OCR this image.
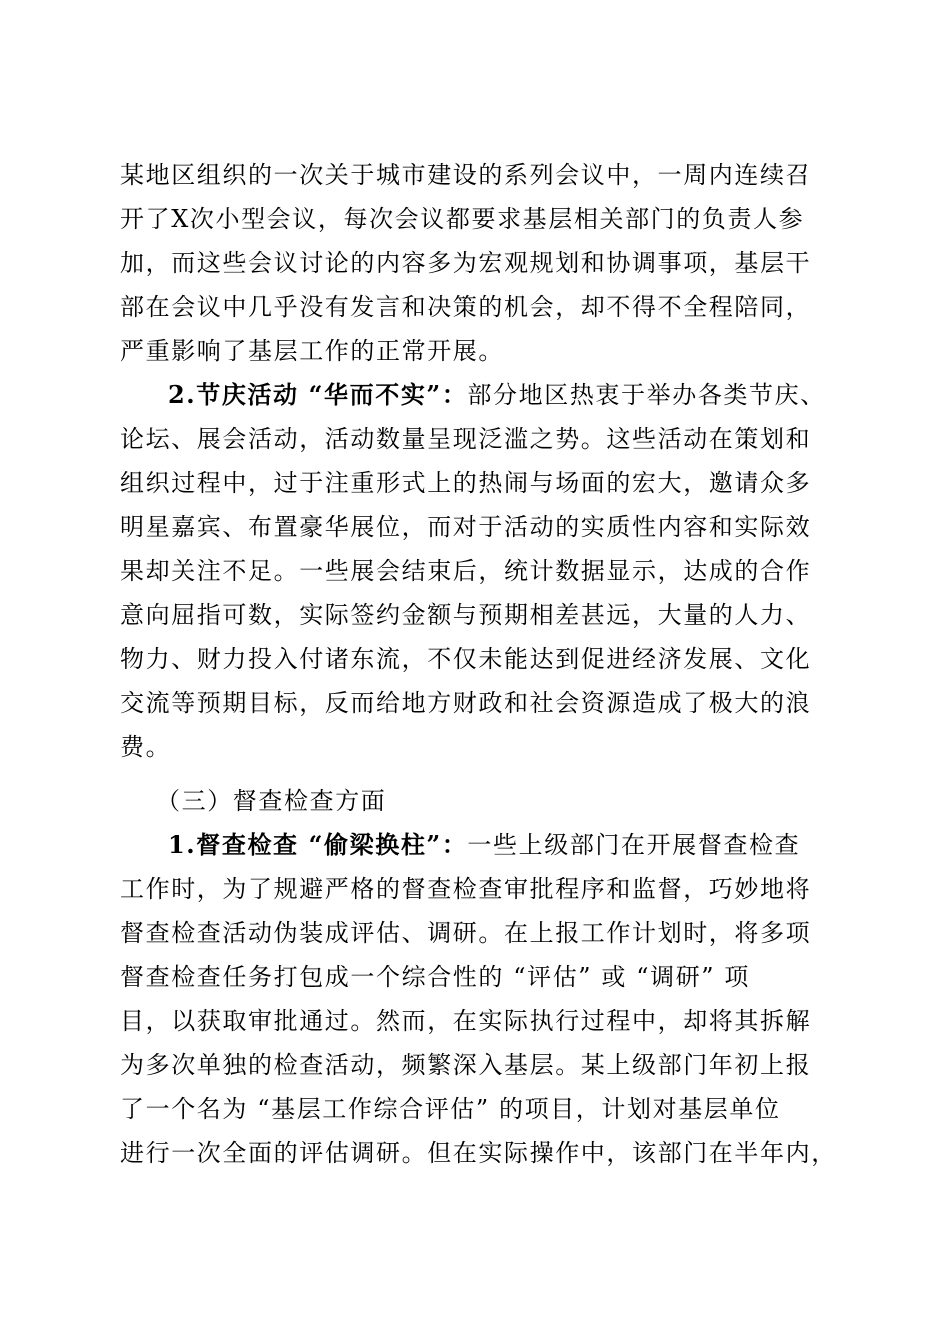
某地区组织的一次关于城市建设的系列会议中，一周内连续召
开了X次小型会议，每次会议都要求基层相关部门的负责人参
加，而这些会议讨论的内容多为宏观规划和协调事项，基层干
部在会议中几乎没有发言和决策的机会，却不得不全程陪同，
严重影响了基层工作的正常开展。
2.节庆活动 “华而不实”：部分地区热衷于举办各类节庆、
论坛、展会活动，活动数量呈现泛滥之势。这些活动在策划和
组织过程中，过于注重形式上的热闹与场面的宏大，邀请众多
明星嘉宾、布置豪华展位，而对于活动的实质性内容和实际效
果却关注不足。一些展会结束后，统计数据显示，达成的合作
意向屈指可数，实际签约金额与预期相差甚远，大量的人力、
物力、财力投入付诸东流，不仅未能达到促进经济发展、文化
交流等预期目标，反而给地方财政和社会资源造成了极大的浪
费。
（三）督查检查方面
1.督查检查 “偷梁换柱”：一些上级部门在开展督查检查
工作时，为了规避严格的督查检查审批程序和监督，巧妙地将
督查检查活动伪装成评估、调研。在上报工作计划时，将多项
督查检查任务打包成一个综合性的 “评估” 或 “调研” 项
目，以获取审批通过。然而，在实际执行过程中，却将其拆解
为多次单独的检查活动，频繁深入基层。某上级部门年初上报
了一个名为 “基层工作综合评估” 的项目，计划对基层单位
进行一次全面的评估调研。但在实际操作中，该部门在半年内，
